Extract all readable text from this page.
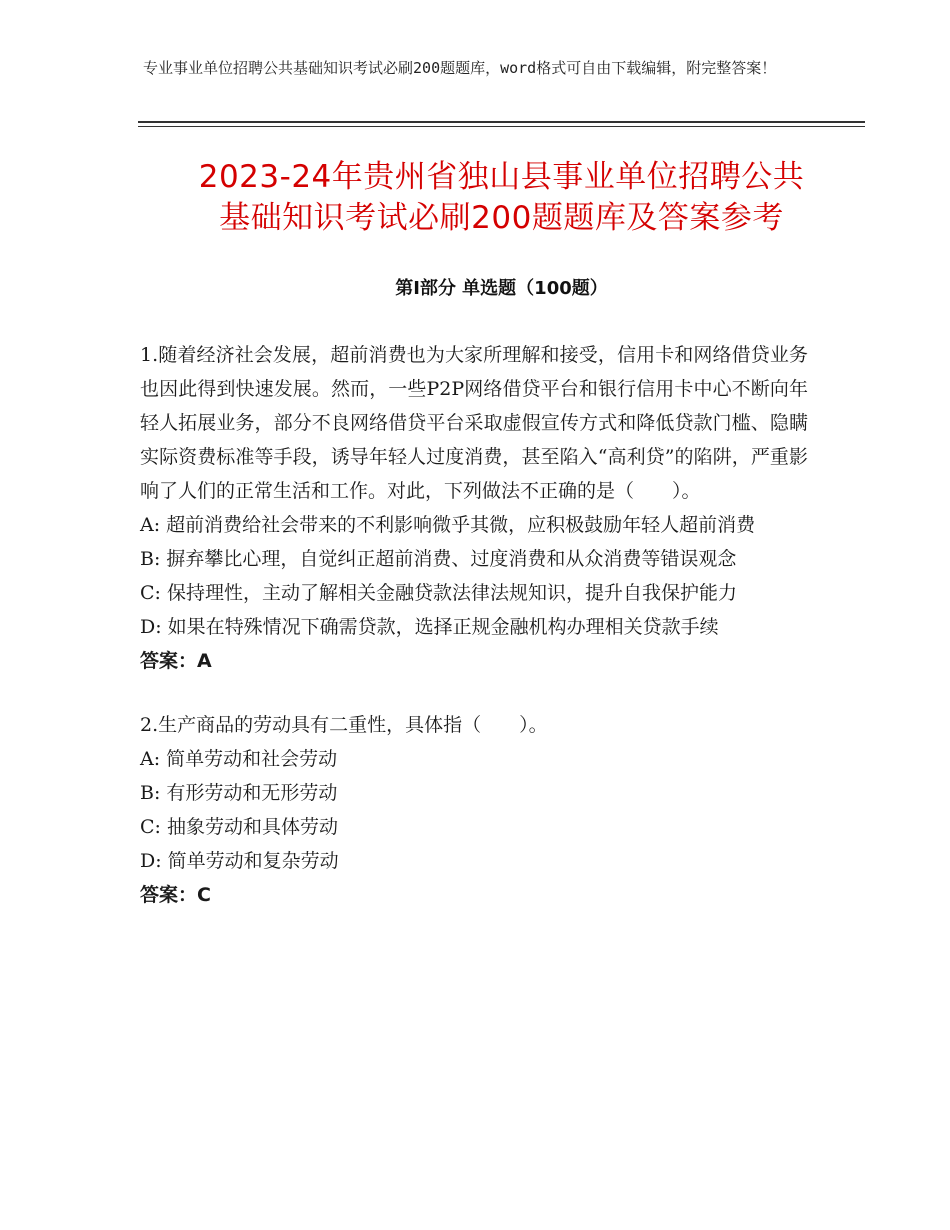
专业事业单位招聘公共基础知识考试必刷200题题库，word格式可自由下载编辑，附完整答案！
2023-24年贵州省独山县事业单位招聘公共
基础知识考试必刷200题题库及答案参考
第Ⅰ部分 单选题（100题）

1.随着经济社会发展，超前消费也为大家所理解和接受，信用卡和网络借贷业务也因此得到快速发展。然而，一些P2P网络借贷平台和银行信用卡中心不断向年轻人拓展业务，部分不良网络借贷平台采取虚假宣传方式和降低贷款门槛、隐瞒实际资费标准等手段，诱导年轻人过度消费，甚至陷入“高利贷”的陷阱，严重影响了人们的正常生活和工作。对此，下列做法不正确的是（　　）。

A: 超前消费给社会带来的不利影响微乎其微，应积极鼓励年轻人超前消费

B: 摒弃攀比心理，自觉纠正超前消费、过度消费和从众消费等错误观念

C: 保持理性，主动了解相关金融贷款法律法规知识，提升自我保护能力

D: 如果在特殊情况下确需贷款，选择正规金融机构办理相关贷款手续

答案：A

2.生产商品的劳动具有二重性，具体指（　　）。

A: 简单劳动和社会劳动

B: 有形劳动和无形劳动

C: 抽象劳动和具体劳动

D: 简单劳动和复杂劳动

答案：C
